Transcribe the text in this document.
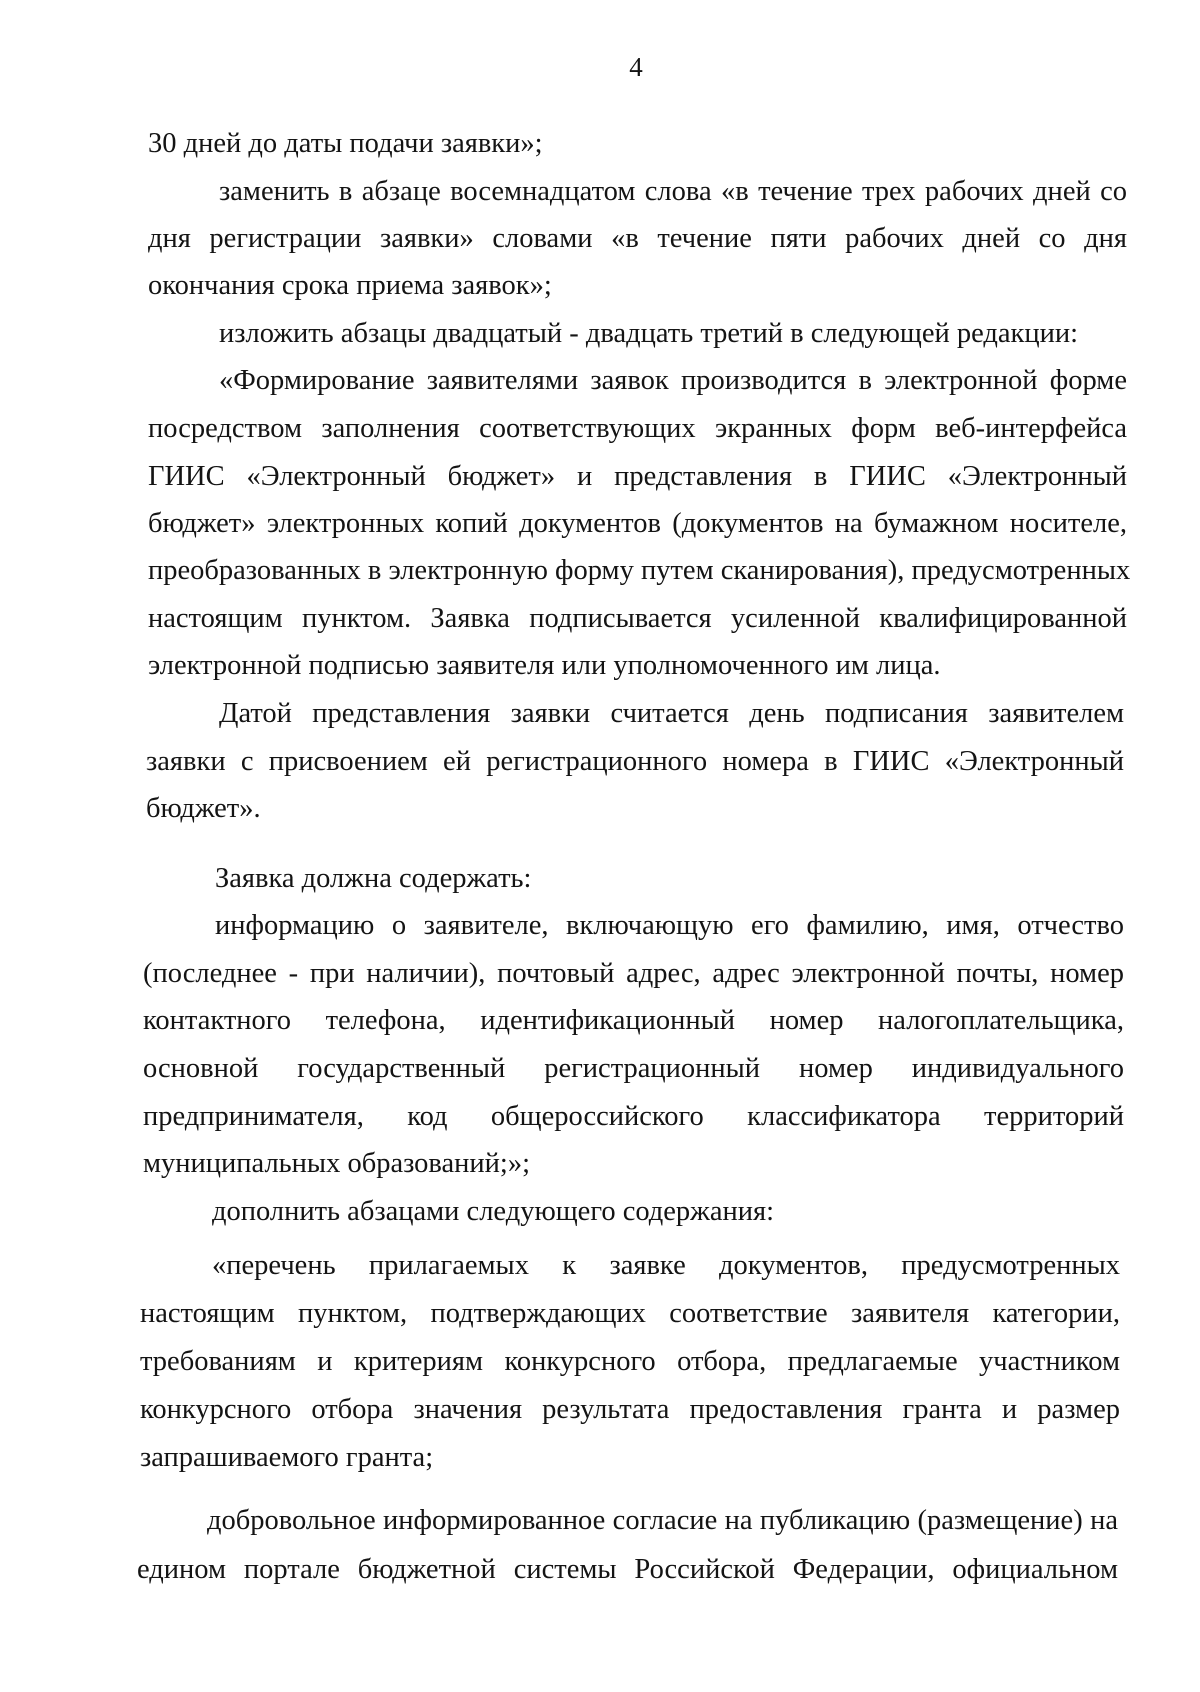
4
30 дней до даты подачи заявки»;
заменить в абзаце восемнадцатом слова «в течение трех рабочих дней со
дня регистрации заявки» словами «в течение пяти рабочих дней со дня
окончания срока приема заявок»;
изложить абзацы двадцатый - двадцать третий в следующей редакции:
«Формирование заявителями заявок производится в электронной форме
посредством заполнения соответствующих экранных форм веб-интерфейса
ГИИС «Электронный бюджет» и представления в ГИИС «Электронный
бюджет» электронных копий документов (документов на бумажном носителе,
преобразованных в электронную форму путем сканирования), предусмотренных
настоящим пунктом. Заявка подписывается усиленной квалифицированной
электронной подписью заявителя или уполномоченного им лица.
Датой представления заявки считается день подписания заявителем
заявки с присвоением ей регистрационного номера в ГИИС «Электронный
бюджет».
Заявка должна содержать:
информацию о заявителе, включающую его фамилию, имя, отчество
(последнее - при наличии), почтовый адрес, адрес электронной почты, номер
контактного телефона, идентификационный номер налогоплательщика,
основной государственный регистрационный номер индивидуального
предпринимателя, код общероссийского классификатора территорий
муниципальных образований;»;
дополнить абзацами следующего содержания:
«перечень прилагаемых к заявке документов, предусмотренных
настоящим пунктом, подтверждающих соответствие заявителя категории,
требованиям и критериям конкурсного отбора, предлагаемые участником
конкурсного отбора значения результата предоставления гранта и размер
запрашиваемого гранта;
добровольное информированное согласие на публикацию (размещение) на
едином портале бюджетной системы Российской Федерации, официальном
